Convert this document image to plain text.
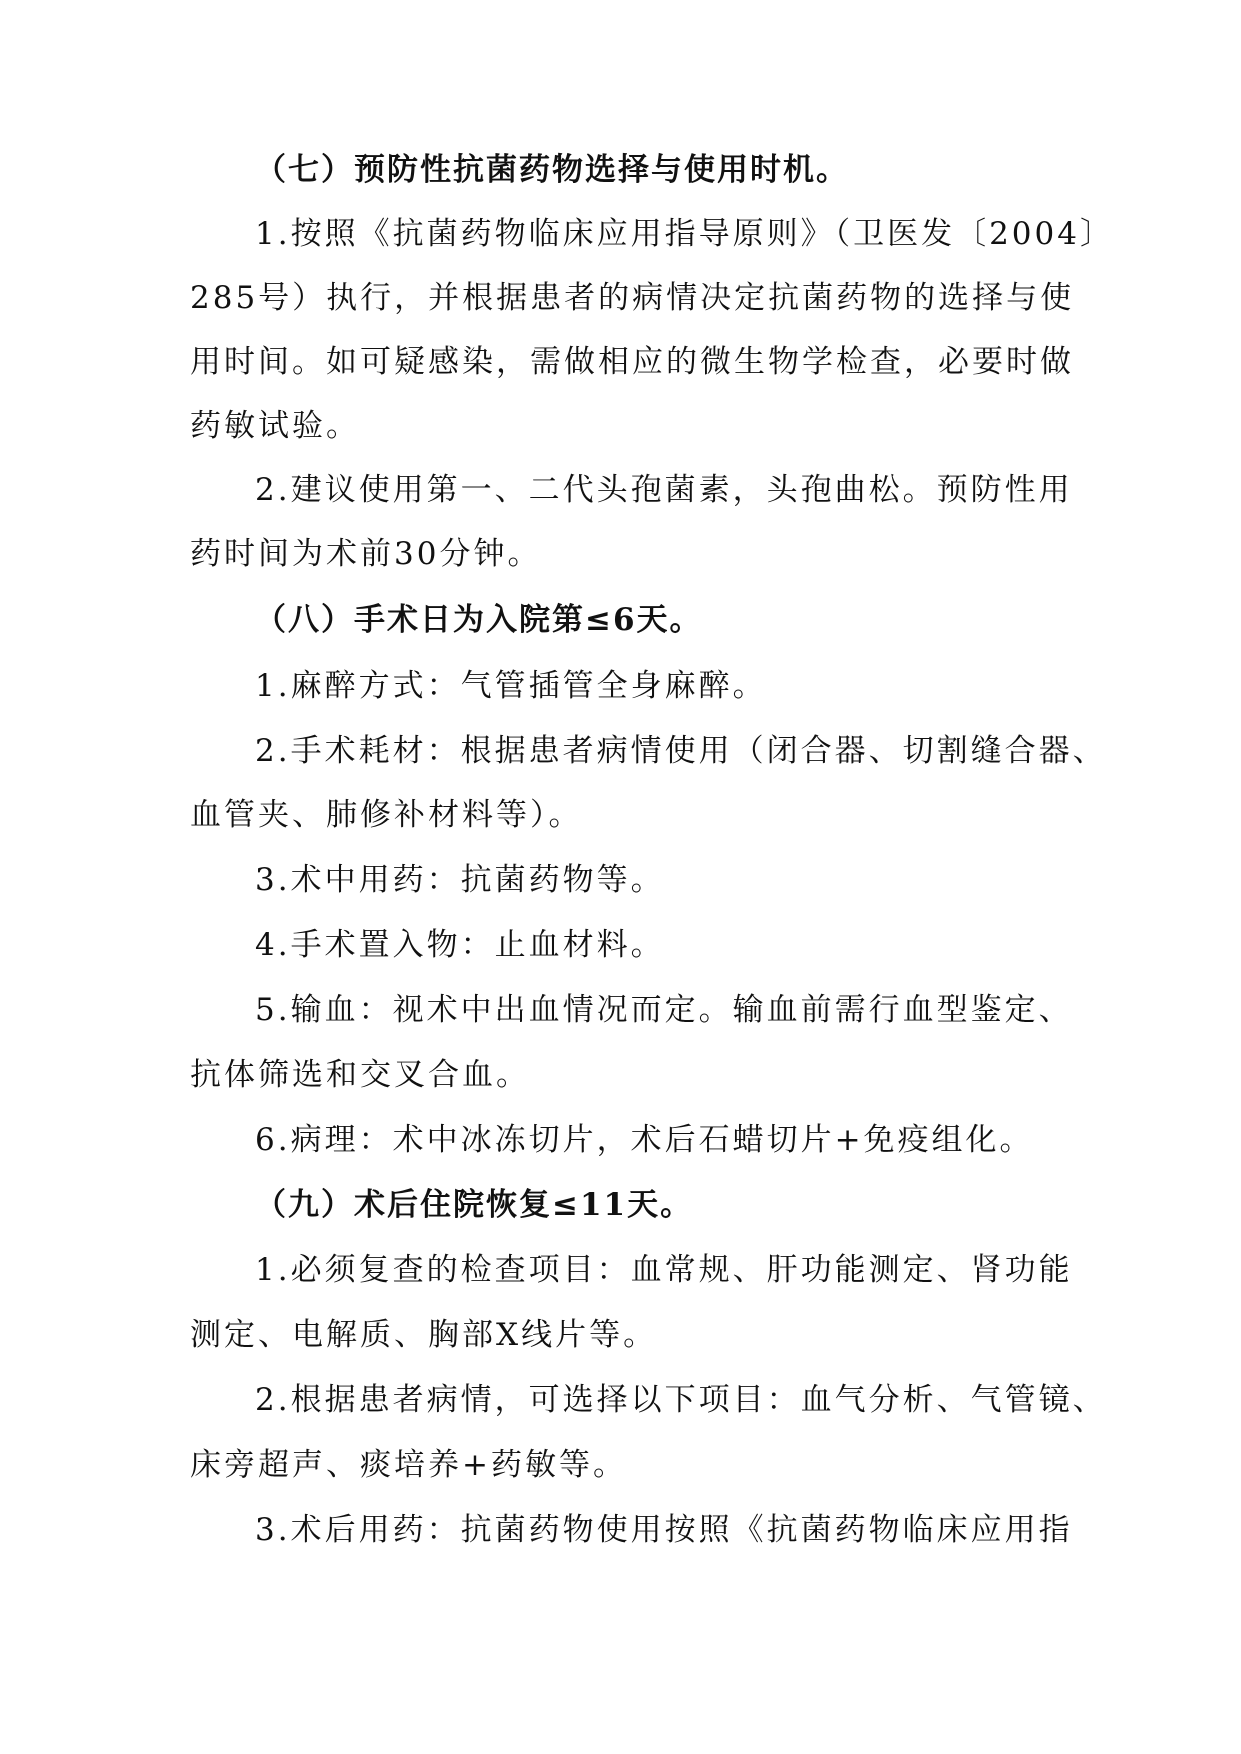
（七）预防性抗菌药物选择与使用时机。
1.按照《抗菌药物临床应用指导原则》（卫医发〔2004〕
285号）执行，并根据患者的病情决定抗菌药物的选择与使
用时间。如可疑感染，需做相应的微生物学检查，必要时做
药敏试验。
2.建议使用第一、二代头孢菌素，头孢曲松。预防性用
药时间为术前30分钟。
（八）手术日为入院第≤6天。
1.麻醉方式：气管插管全身麻醉。
2.手术耗材：根据患者病情使用（闭合器、切割缝合器、
血管夹、肺修补材料等）。
3.术中用药：抗菌药物等。
4.手术置入物：止血材料。
5.输血：视术中出血情况而定。输血前需行血型鉴定、
抗体筛选和交叉合血。
6.病理：术中冰冻切片，术后石蜡切片+免疫组化。
（九）术后住院恢复≤11天。
1.必须复查的检查项目：血常规、肝功能测定、肾功能
测定、电解质、胸部X线片等。
2.根据患者病情，可选择以下项目：血气分析、气管镜、
床旁超声、痰培养+药敏等。
3.术后用药：抗菌药物使用按照《抗菌药物临床应用指
